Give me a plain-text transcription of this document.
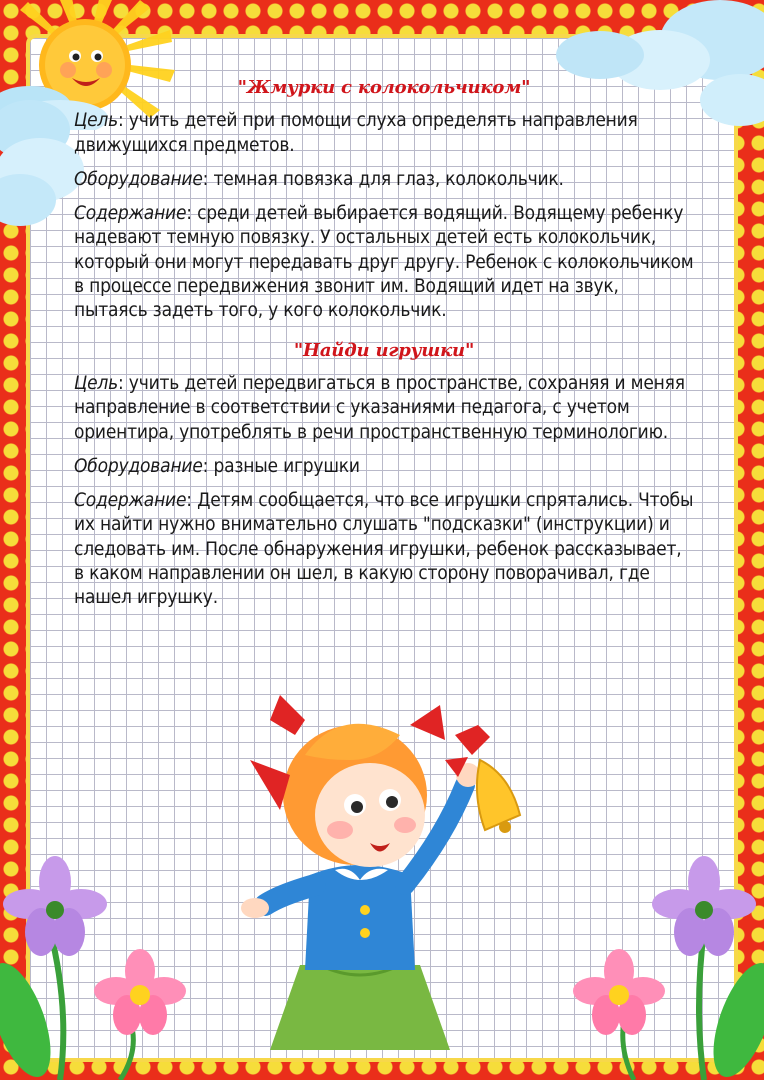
"Жмурки с колокольчиком"

Цель: учить детей при помощи слуха определять направления движущихся предметов.

Оборудование: темная повязка для глаз, колокольчик.

Содержание: среди детей выбирается водящий. Водящему ребенку надевают темную повязку. У остальных детей есть колокольчик, который они могут передавать друг другу. Ребенок с колокольчиком в процессе передвижения звонит им. Водящий идет на звук, пытаясь задеть того, у кого колокольчик.

"Найди игрушки"

Цель: учить детей передвигаться в пространстве, сохраняя и меняя направление в соответствии с указаниями педагога, с учетом ориентира, употреблять в речи пространственную терминологию.

Оборудование: разные игрушки

Содержание: Детям сообщается, что все игрушки спрятались. Чтобы их найти нужно внимательно слушать "подсказки" (инструкции) и следовать им. После обнаружения игрушки, ребенок рассказывает, в каком направлении он шел, в какую сторону поворачивал, где нашел игрушку.
